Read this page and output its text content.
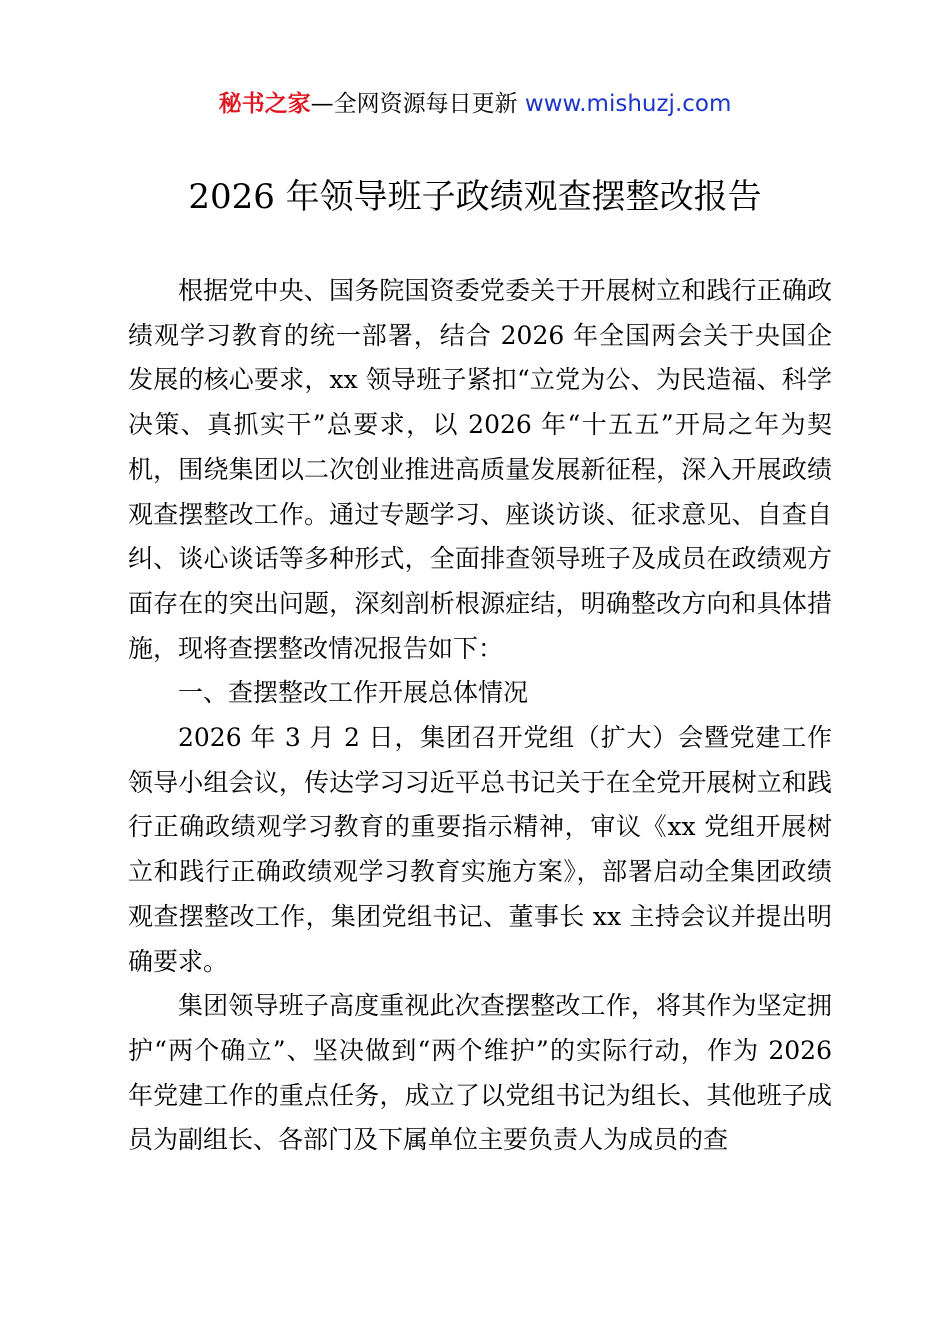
秘书之家—全网资源每日更新 www.mishuzj.com
2026 年领导班子政绩观查摆整改报告

根据党中央、国务院国资委党委关于开展树立和践行正确政绩观学习教育的统一部署，结合 2026 年全国两会关于央国企发展的核心要求，xx 领导班子紧扣“立党为公、为民造福、科学决策、真抓实干”总要求，以 2026 年“十五五”开局之年为契机，围绕集团以二次创业推进高质量发展新征程，深入开展政绩观查摆整改工作。通过专题学习、座谈访谈、征求意见、自查自纠、谈心谈话等多种形式，全面排查领导班子及成员在政绩观方面存在的突出问题，深刻剖析根源症结，明确整改方向和具体措施，现将查摆整改情况报告如下：

一、查摆整改工作开展总体情况

2026 年 3 月 2 日，集团召开党组（扩大）会暨党建工作领导小组会议，传达学习习近平总书记关于在全党开展树立和践行正确政绩观学习教育的重要指示精神，审议《xx 党组开展树立和践行正确政绩观学习教育实施方案》，部署启动全集团政绩观查摆整改工作，集团党组书记、董事长 xx 主持会议并提出明确要求。

集团领导班子高度重视此次查摆整改工作，将其作为坚定拥护“两个确立”、坚决做到“两个维护”的实际行动，作为 2026 年党建工作的重点任务，成立了以党组书记为组长、其他班子成员为副组长、各部门及下属单位主要负责人为成员的查
